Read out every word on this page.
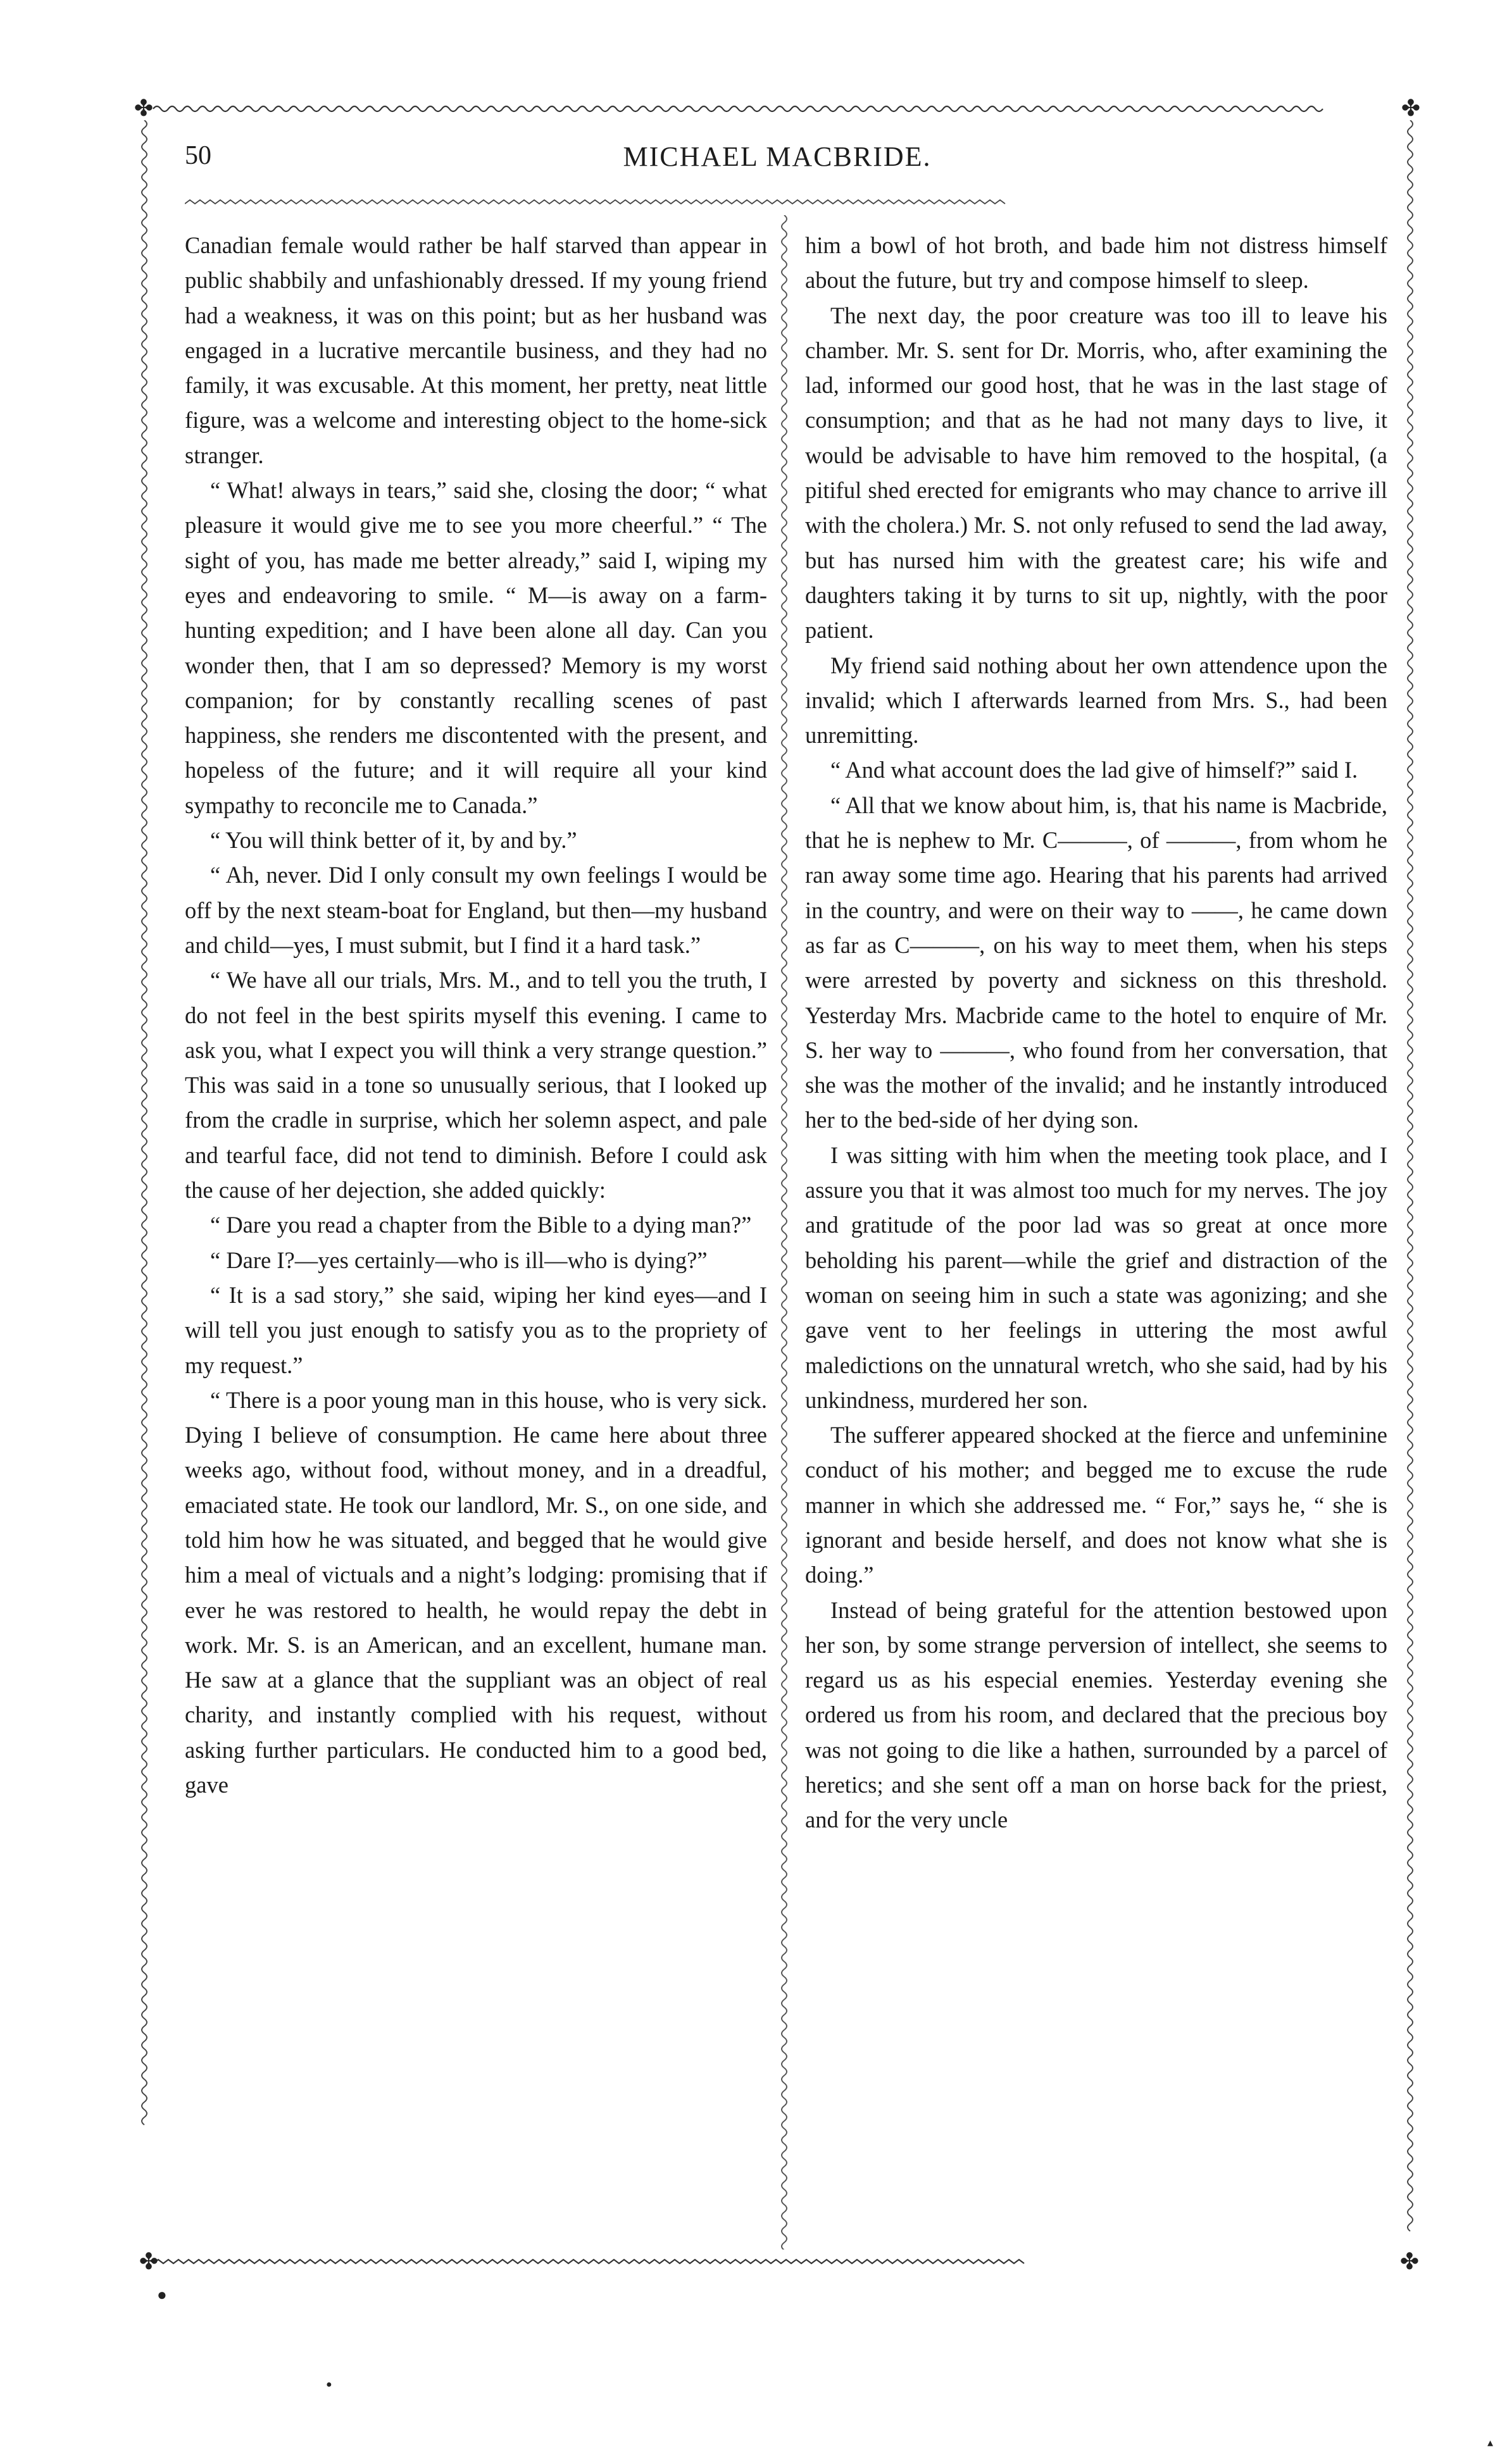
✤	✤
50	MICHAEL MACBRIDE.

Canadian female would rather be half starved than appear in public shabbily and unfashionably dressed. If my young friend had a weakness, it was on this point; but as her husband was engaged in a lucrative mercantile business, and they had no family, it was excusable. At this moment, her pretty, neat little figure, was a welcome and interesting object to the home-sick stranger.

“ What! always in tears,” said she, closing the door; “ what pleasure it would give me to see you more cheerful.” “ The sight of you, has made me better already,” said I, wiping my eyes and endeavoring to smile. “ M—is away on a farm-hunting expedition; and I have been alone all day. Can you wonder then, that I am so depressed? Memory is my worst companion; for by constantly recalling scenes of past happiness, she renders me discontented with the present, and hopeless of the future; and it will require all your kind sympathy to reconcile me to Canada.”

“ You will think better of it, by and by.”

“ Ah, never. Did I only consult my own feelings I would be off by the next steam-boat for England, but then—my husband and child—yes, I must submit, but I find it a hard task.”

“ We have all our trials, Mrs. M., and to tell you the truth, I do not feel in the best spirits myself this evening. I came to ask you, what I expect you will think a very strange question.” This was said in a tone so unusually serious, that I looked up from the cradle in surprise, which her solemn aspect, and pale and tearful face, did not tend to diminish. Before I could ask the cause of her dejection, she added quickly:

“ Dare you read a chapter from the Bible to a dying man?”

“ Dare I?—yes certainly—who is ill—who is dying?”

“ It is a sad story,” she said, wiping her kind eyes—and I will tell you just enough to satisfy you as to the propriety of my request.”

“ There is a poor young man in this house, who is very sick. Dying I believe of consumption. He came here about three weeks ago, without food, without money, and in a dreadful, emaciated state. He took our landlord, Mr. S., on one side, and told him how he was situated, and begged that he would give him a meal of victuals and a night’s lodging: promising that if ever he was restored to health, he would repay the debt in work. Mr. S. is an American, and an excellent, humane man. He saw at a glance that the suppliant was an object of real charity, and instantly complied with his request, without asking further particulars. He conducted him to a good bed, gave

him a bowl of hot broth, and bade him not distress himself about the future, but try and compose himself to sleep.

The next day, the poor creature was too ill to leave his chamber. Mr. S. sent for Dr. Morris, who, after examining the lad, informed our good host, that he was in the last stage of consumption; and that as he had not many days to live, it would be advisable to have him removed to the hospital, (a pitiful shed erected for emigrants who may chance to arrive ill with the cholera.) Mr. S. not only refused to send the lad away, but has nursed him with the greatest care; his wife and daughters taking it by turns to sit up, nightly, with the poor patient.

My friend said nothing about her own attendence upon the invalid; which I afterwards learned from Mrs. S., had been unremitting.

“ And what account does the lad give of himself?” said I.

“ All that we know about him, is, that his name is Macbride, that he is nephew to Mr. C———, of ———, from whom he ran away some time ago. Hearing that his parents had arrived in the country, and were on their way to ——, he came down as far as C———, on his way to meet them, when his steps were arrested by poverty and sickness on this threshold. Yesterday Mrs. Macbride came to the hotel to enquire of Mr. S. her way to ———, who found from her conversation, that she was the mother of the invalid; and he instantly introduced her to the bed-side of her dying son.

I was sitting with him when the meeting took place, and I assure you that it was almost too much for my nerves. The joy and gratitude of the poor lad was so great at once more beholding his parent—while the grief and distraction of the woman on seeing him in such a state was agonizing; and she gave vent to her feelings in uttering the most awful maledictions on the unnatural wretch, who she said, had by his unkindness, murdered her son.

The sufferer appeared shocked at the fierce and unfeminine conduct of his mother; and begged me to excuse the rude manner in which she addressed me. “ For,” says he, “ she is ignorant and beside herself, and does not know what she is doing.”

Instead of being grateful for the attention bestowed upon her son, by some strange perversion of intellect, she seems to regard us as his especial enemies. Yesterday evening she ordered us from his room, and declared that the precious boy was not going to die like a hathen, surrounded by a parcel of heretics; and she sent off a man on horse back for the priest, and for the very uncle

✤	✤
●
●
▴
